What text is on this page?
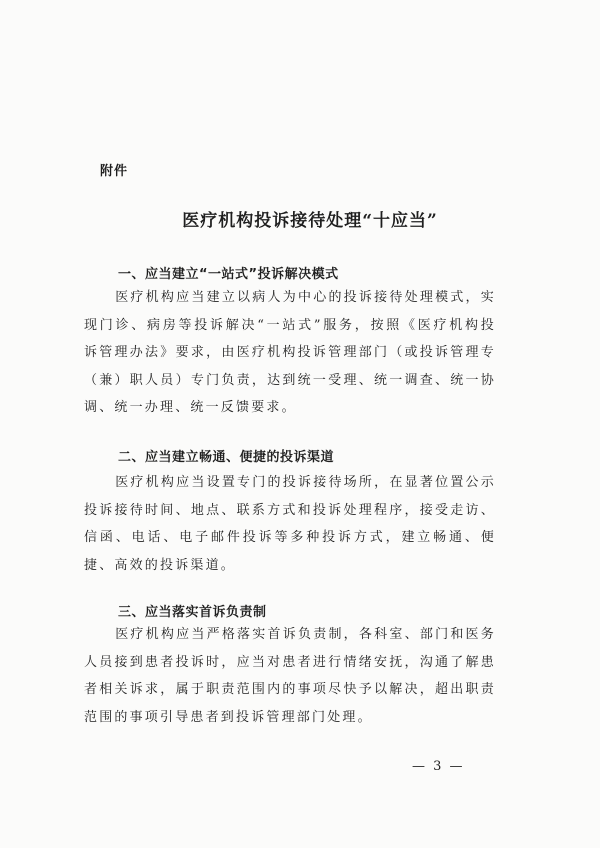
附件
医疗机构投诉接待处理“十应当”
一、应当建立“一站式”投诉解决模式

医疗机构应当建立以病人为中心的投诉接待处理模式，实现门诊、病房等投诉解决“一站式”服务，按照《医疗机构投诉管理办法》要求，由医疗机构投诉管理部门（或投诉管理专（兼）职人员）专门负责，达到统一受理、统一调查、统一协调、统一办理、统一反馈要求。

二、应当建立畅通、便捷的投诉渠道

医疗机构应当设置专门的投诉接待场所，在显著位置公示投诉接待时间、地点、联系方式和投诉处理程序，接受走访、信函、电话、电子邮件投诉等多种投诉方式，建立畅通、便捷、高效的投诉渠道。

三、应当落实首诉负责制

医疗机构应当严格落实首诉负责制，各科室、部门和医务人员接到患者投诉时，应当对患者进行情绪安抚，沟通了解患者相关诉求，属于职责范围内的事项尽快予以解决，超出职责范围的事项引导患者到投诉管理部门处理。

— 3 —
